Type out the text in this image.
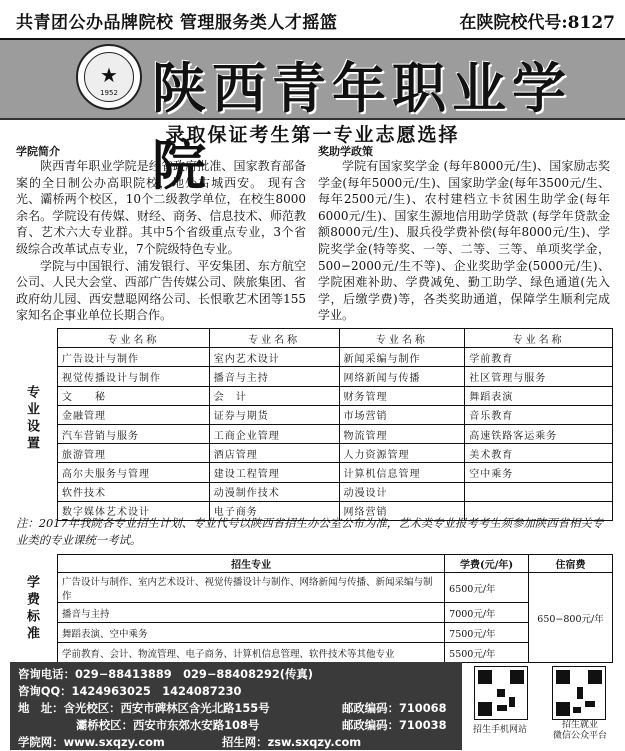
共青团公办品牌院校 管理服务类人才摇篮	在陕院校代号:8127
★
1952 陕西青年职业学院
录取保证考生第一专业志愿选择
学院简介

陕西青年职业学院是经省政府批准、国家教育部备案的全日制公办高职院校，地处古城西安。 现有含光、灞桥两个校区，10个二级教学单位，在校生8000余名。学院设有传媒、财经、商务、信息技术、师范教育、艺术六大专业群。其中5个省级重点专业，3个省级综合改革试点专业，7个院级特色专业。

学院与中国银行、浦发银行、平安集团、东方航空公司、人民大会堂、西部广告传媒公司、陕旅集团、省政府幼儿园、西安慧聪网络公司、长恨歌艺术团等155家知名企事业单位长期合作。

奖助学政策

学院有国家奖学金 (每年8000元/生)、国家励志奖学金(每年5000元/生)、国家助学金(每年3500元/生、每年2500元/生)、农村建档立卡贫困生助学金(每年6000元/生)、国家生源地信用助学贷款 (每学年贷款金额8000元/生)、服兵役学费补偿(每年8000元/生)、学院奖学金(特等奖、一等、二等、三等、单项奖学金，500−2000元/生不等)、企业奖助学金(5000元/生)、学院困难补助、学费减免、勤工助学、绿色通道(先入学，后缴学费)等，各类奖助通道，保障学生顺利完成学业。

专业设置
专业名称	专业名称	专业名称	专业名称
广告设计与制作	室内艺术设计	新闻采编与制作	学前教育
视觉传播设计与制作	播音与主持	网络新闻与传播	社区管理与服务
文　　秘	会　计	财务管理	舞蹈表演
金融管理	证券与期货	市场营销	音乐教育
汽车营销与服务	工商企业管理	物流管理	高速铁路客运乘务
旅游管理	酒店管理	人力资源管理	美术教育
高尔夫服务与管理	建设工程管理	计算机信息管理	空中乘务
软件技术	动漫制作技术	动漫设计	
数字媒体艺术设计	电子商务	网络营销	
注：2017年我院各专业招生计划、专业代号以陕西省招生办公室公布为准，艺术类专业报考考生须参加陕西省相关专业类的专业课统一考试。
学费标准
招生专业	学费(元/年)	住宿费
广告设计与制作、室内艺术设计、视觉传播设计与制作、网络新闻与传播、新闻采编与制作	6500元/年	650−800元/年
播音与主持	7000元/年	
舞蹈表演、空中乘务	7500元/年	
学前教育、会计、物流管理、电子商务、计算机信息管理、软件技术等其他专业	5500元/年	
咨询电话：029−88413889　029−88408292(传真)
咨询QQ：1424963025　1424087230
地　址：含光校区：西安市碑林区含光北路155号	邮政编码：710068
灞桥校区：西安市东郊水安路108号	邮政编码：710038
学院网：www.sxqzy.com	招生网：zsw.sxqzy.com
招生手机网站	招生就业
微信公众平台
